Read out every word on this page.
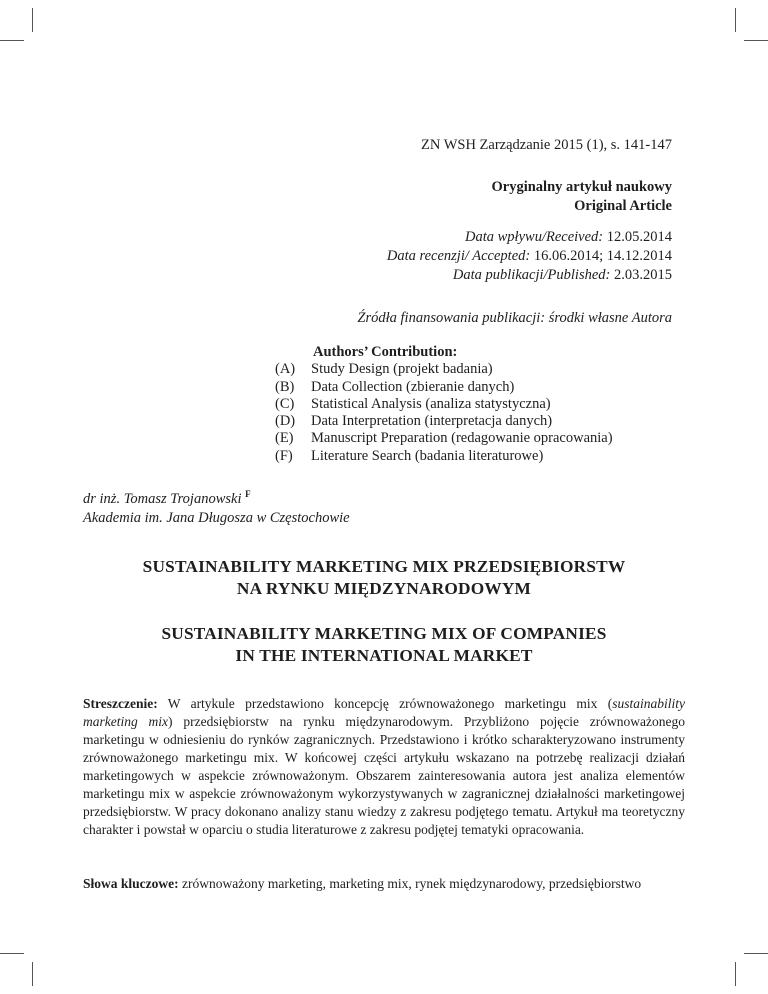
ZN WSH Zarządzanie 2015 (1), s. 141-147
Oryginalny artykuł naukowy
Original Article
Data wpływu/Received: 12.05.2014
Data recenzji/ Accepted: 16.06.2014; 14.12.2014
Data publikacji/Published: 2.03.2015
Źródła finansowania publikacji: środki własne Autora
Authors’ Contribution:
(A) Study Design (projekt badania)
(B) Data Collection (zbieranie danych)
(C) Statistical Analysis (analiza statystyczna)
(D) Data Interpretation (interpretacja danych)
(E) Manuscript Preparation (redagowanie opracowania)
(F) Literature Search (badania literaturowe)
dr inż. Tomasz Trojanowski $^F$
Akademia im. Jana Długosza w Częstochowie
SUSTAINABILITY MARKETING MIX PRZEDSIĘBIORSTW
NA RYNKU MIĘDZYNARODOWYM
SUSTAINABILITY MARKETING MIX OF COMPANIES
IN THE INTERNATIONAL MARKET
Streszczenie: W artykule przedstawiono koncepcję zrównoważonego marketingu mix (sustainability marketing mix) przedsiębiorstw na rynku międzynarodowym. Przybliżono pojęcie zrównoważonego marketingu w odniesieniu do rynków zagranicznych. Przedstawiono i krótko scharakteryzowano instrumenty zrównoważonego marketingu mix. W końcowej części artykułu wskazano na potrzebę realizacji działań marketingowych w aspekcie zrównoważonym. Obszarem zainteresowania autora jest analiza elementów marketingu mix w aspekcie zrównoważonym wykorzystywanych w zagranicznej działalności marketingowej przedsiębiorstw. W pracy dokonano analizy stanu wiedzy z zakresu podjętego tematu. Artykuł ma teoretyczny charakter i powstał w oparciu o studia literaturowe z zakresu podjętej tematyki opracowania.
Słowa kluczowe: zrównoważony marketing, marketing mix, rynek międzynarodowy, przedsiębiorstwo
